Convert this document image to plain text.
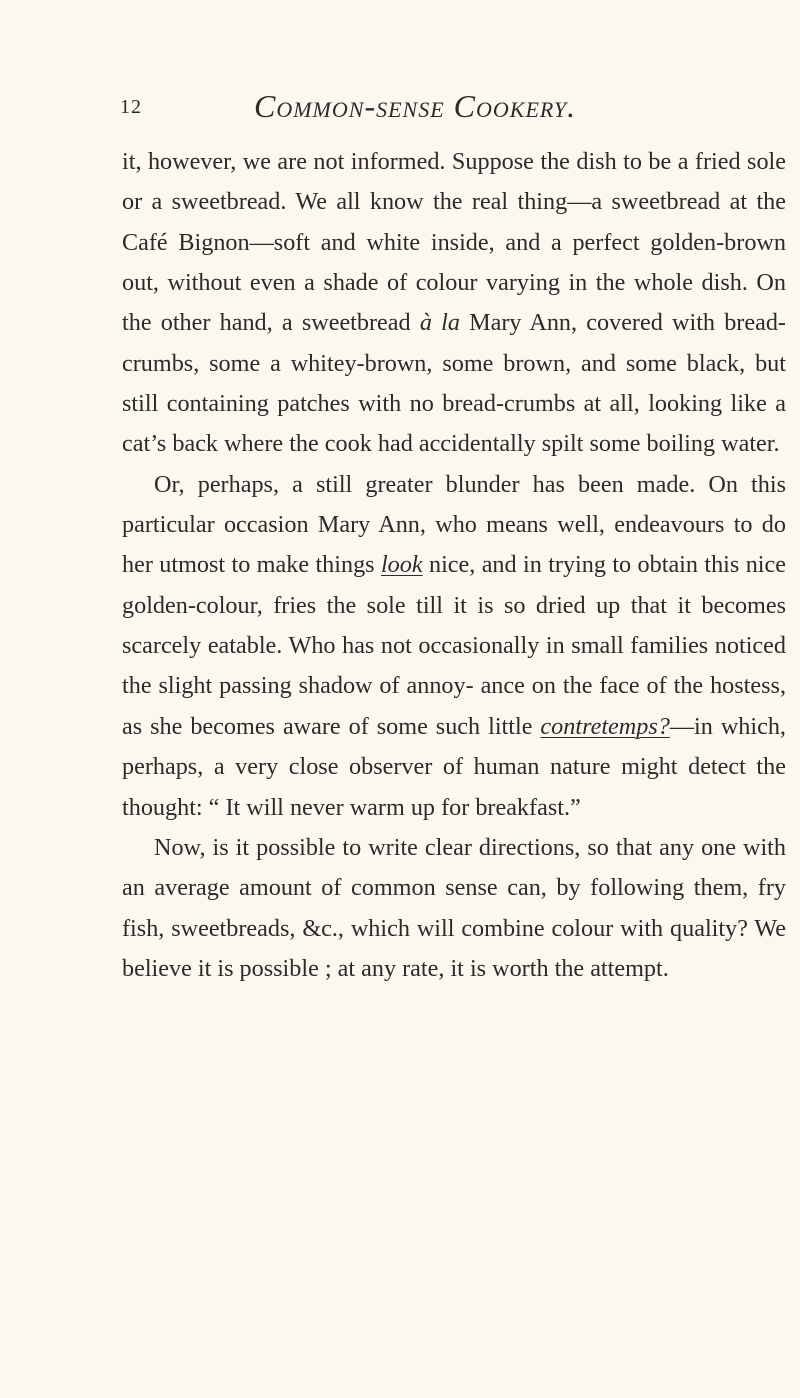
12	Common-sense Cookery.

it, however, we are not informed. Suppose the dish to be a fried sole or a sweetbread. We all know the real thing—a sweetbread at the Café Bignon—soft and white inside, and a perfect golden-brown out, without even a shade of colour varying in the whole dish. On the other hand, a sweetbread à la Mary Ann, covered with bread-crumbs, some a whitey-brown, some brown, and some black, but still containing patches with no bread-crumbs at all, looking like a cat’s back where the cook had accidentally spilt some boiling water.

Or, perhaps, a still greater blunder has been made. On this particular occasion Mary Ann, who means well, endeavours to do her utmost to make things look nice, and in trying to obtain this nice golden-colour, fries the sole till it is so dried up that it becomes scarcely eatable. Who has not occasionally in small families noticed the slight passing shadow of annoy- ance on the face of the hostess, as she becomes aware of some such little contretemps?—in which, perhaps, a very close observer of human nature might detect the thought: “ It will never warm up for breakfast.”

Now, is it possible to write clear directions, so that any one with an average amount of common sense can, by following them, fry fish, sweetbreads, &c., which will combine colour with quality? We believe it is possible ; at any rate, it is worth the attempt.
